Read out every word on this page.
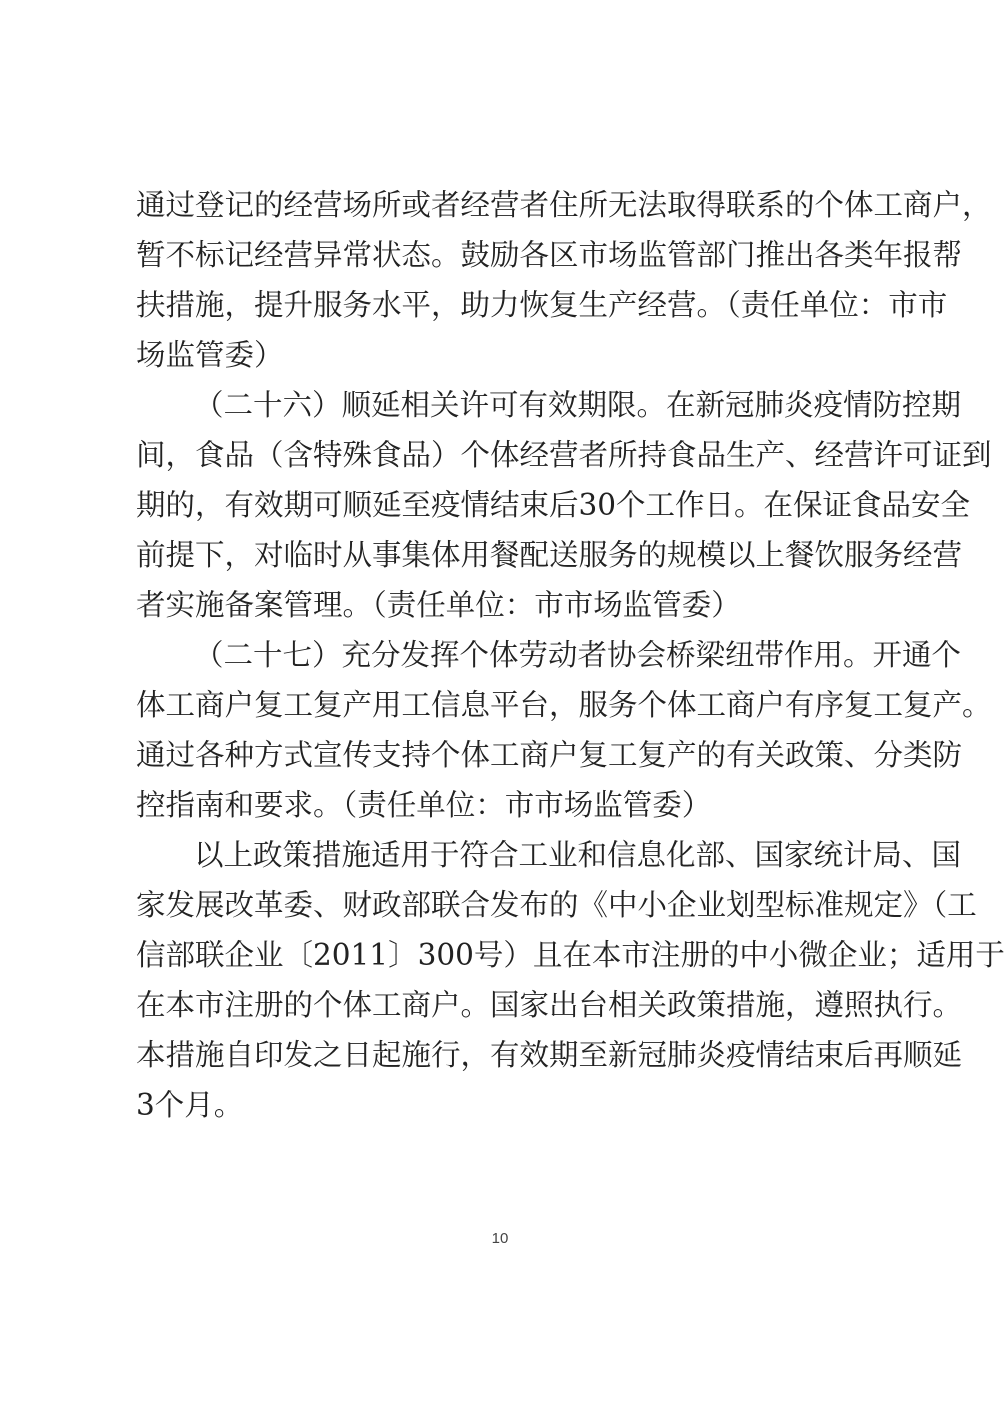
通过登记的经营场所或者经营者住所无法取得联系的个体工商户，
暂不标记经营异常状态。鼓励各区市场监管部门推出各类年报帮
扶措施，提升服务水平，助力恢复生产经营。（责任单位：市市
场监管委）
（二十六）顺延相关许可有效期限。在新冠肺炎疫情防控期
间，食品（含特殊食品）个体经营者所持食品生产、经营许可证到
期的，有效期可顺延至疫情结束后30个工作日。在保证食品安全
前提下，对临时从事集体用餐配送服务的规模以上餐饮服务经营
者实施备案管理。（责任单位：市市场监管委）
（二十七）充分发挥个体劳动者协会桥梁纽带作用。开通个
体工商户复工复产用工信息平台，服务个体工商户有序复工复产。
通过各种方式宣传支持个体工商户复工复产的有关政策、分类防
控指南和要求。（责任单位：市市场监管委）
以上政策措施适用于符合工业和信息化部、国家统计局、国
家发展改革委、财政部联合发布的《中小企业划型标准规定》（工
信部联企业〔2011〕300号）且在本市注册的中小微企业；适用于
在本市注册的个体工商户。国家出台相关政策措施，遵照执行。
本措施自印发之日起施行，有效期至新冠肺炎疫情结束后再顺延
3个月。
10
